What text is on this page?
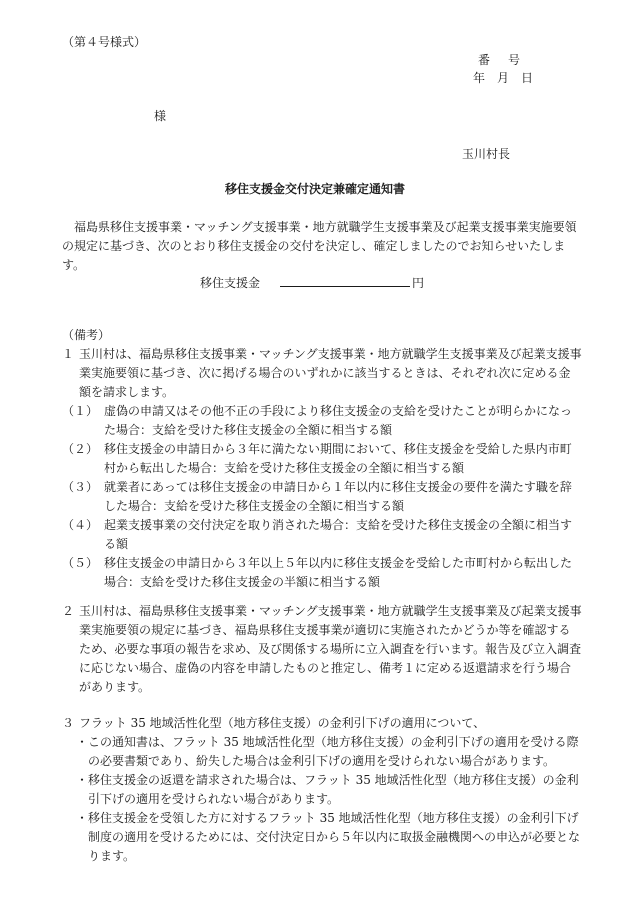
（第４号様式）
番号
年　月　日
様
玉川村長
移住支援金交付決定兼確定通知書
福島県移住支援事業・マッチング支援事業・地方就職学生支援事業及び起業支援事業実施要領の規定に基づき、次のとおり移住支援金の交付を決定し、確定しましたのでお知らせいたします。
移住支援金	円
（備考）
１ 玉川村は、福島県移住支援事業・マッチング支援事業・地方就職学生支援事業及び起業支援事業実施要領に基づき、次に掲げる場合のいずれかに該当するときは、それぞれ次に定める金額を請求します。
（１） 虚偽の申請又はその他不正の手段により移住支援金の支給を受けたことが明らかになった場合：支給を受けた移住支援金の全額に相当する額
（２） 移住支援金の申請日から３年に満たない期間において、移住支援金を受給した県内市町村から転出した場合：支給を受けた移住支援金の全額に相当する額
（３） 就業者にあっては移住支援金の申請日から１年以内に移住支援金の要件を満たす職を辞した場合：支給を受けた移住支援金の全額に相当する額
（４） 起業支援事業の交付決定を取り消された場合：支給を受けた移住支援金の全額に相当する額
（５） 移住支援金の申請日から３年以上５年以内に移住支援金を受給した市町村から転出した場合：支給を受けた移住支援金の半額に相当する額
２ 玉川村は、福島県移住支援事業・マッチング支援事業・地方就職学生支援事業及び起業支援事業実施要領の規定に基づき、福島県移住支援事業が適切に実施されたかどうか等を確認するため、必要な事項の報告を求め、及び関係する場所に立入調査を行います。報告及び立入調査に応じない場合、虚偽の内容を申請したものと推定し、備考１に定める返還請求を行う場合があります。
３ フラット 35 地域活性化型（地方移住支援）の金利引下げの適用について、
・ この通知書は、フラット 35 地域活性化型（地方移住支援）の金利引下げの適用を受ける際の必要書類であり、紛失した場合は金利引下げの適用を受けられない場合があります。
・ 移住支援金の返還を請求された場合は、フラット 35 地域活性化型（地方移住支援）の金利引下げの適用を受けられない場合があります。
・ 移住支援金を受領した方に対するフラット 35 地域活性化型（地方移住支援）の金利引下げ制度の適用を受けるためには、交付決定日から５年以内に取扱金融機関への申込が必要となります。
